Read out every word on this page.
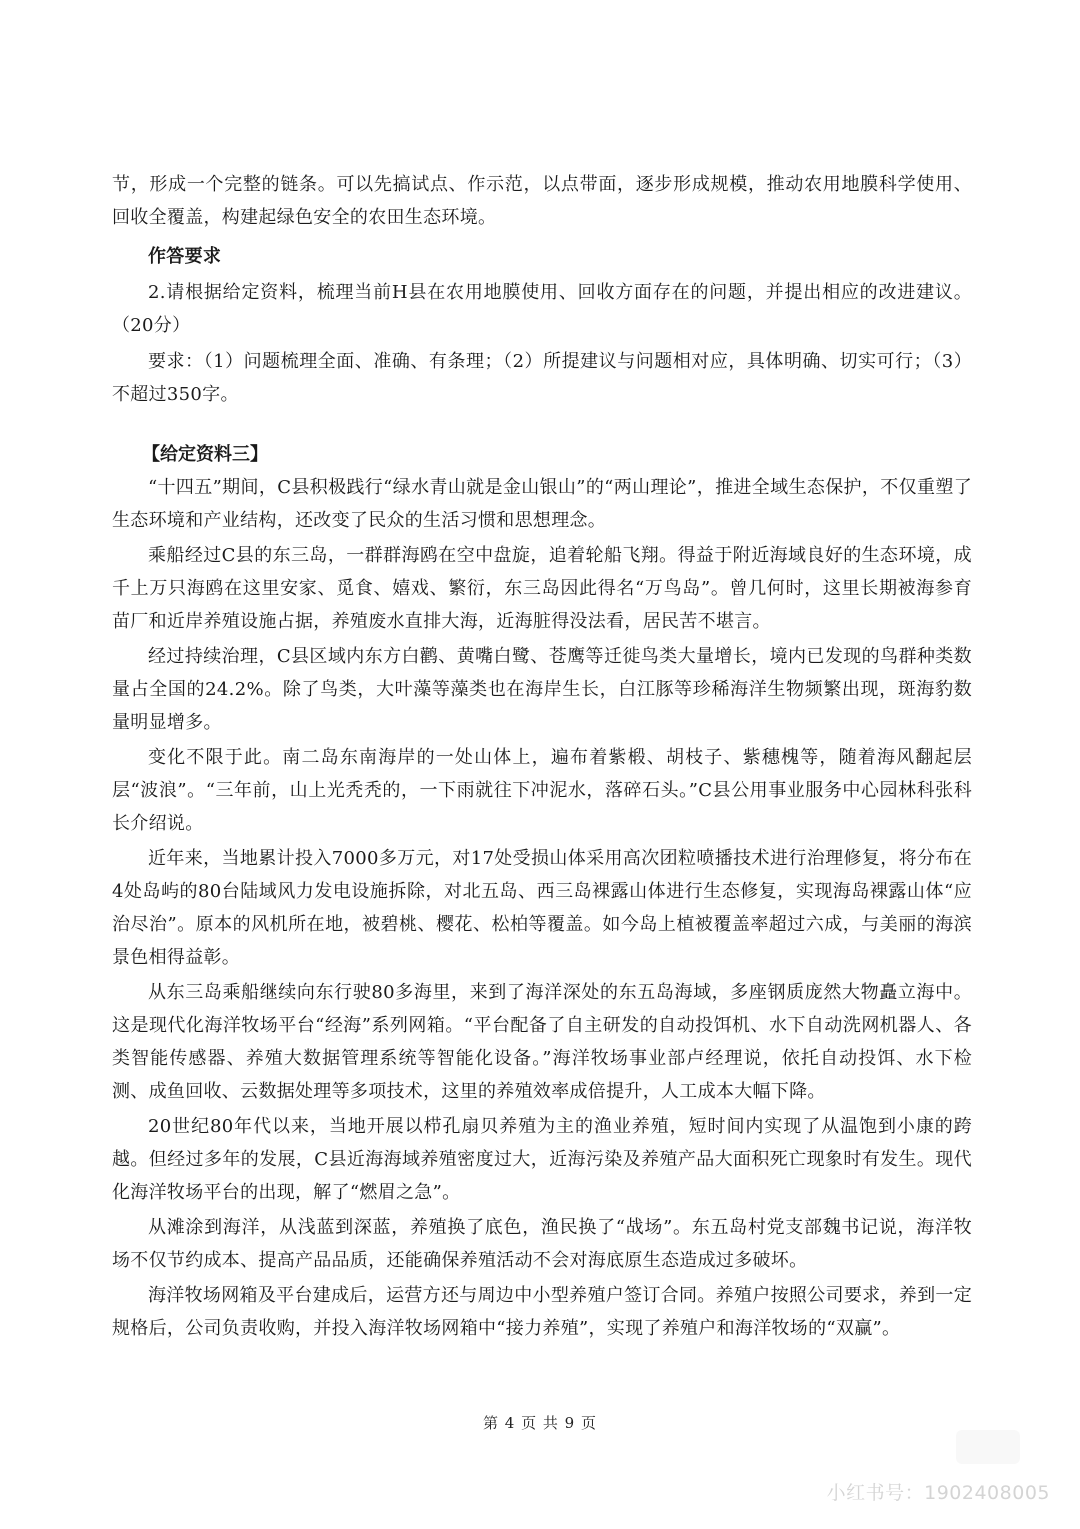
节，形成一个完整的链条。可以先搞试点、作示范，以点带面，逐步形成规模，推动农用地膜科学使用、回收全覆盖，构建起绿色安全的农田生态环境。

作答要求

2.请根据给定资料，梳理当前H县在农用地膜使用、回收方面存在的问题，并提出相应的改进建议。（20分）

要求：（1）问题梳理全面、准确、有条理；（2）所提建议与问题相对应，具体明确、切实可行；（3）不超过350字。

【给定资料三】

“十四五”期间，C县积极践行“绿水青山就是金山银山”的“两山理论”，推进全域生态保护，不仅重塑了生态环境和产业结构，还改变了民众的生活习惯和思想理念。

乘船经过C县的东三岛，一群群海鸥在空中盘旋，追着轮船飞翔。得益于附近海域良好的生态环境，成千上万只海鸥在这里安家、觅食、嬉戏、繁衍，东三岛因此得名“万鸟岛”。曾几何时，这里长期被海参育苗厂和近岸养殖设施占据，养殖废水直排大海，近海脏得没法看，居民苦不堪言。

经过持续治理，C县区域内东方白鹳、黄嘴白鹭、苍鹰等迁徙鸟类大量增长，境内已发现的鸟群种类数量占全国的24.2%。除了鸟类，大叶藻等藻类也在海岸生长，白江豚等珍稀海洋生物频繁出现，斑海豹数量明显增多。

变化不限于此。南二岛东南海岸的一处山体上，遍布着紫椴、胡枝子、紫穗槐等，随着海风翻起层层“波浪”。“三年前，山上光秃秃的，一下雨就往下冲泥水，落碎石头。”C县公用事业服务中心园林科张科长介绍说。

近年来，当地累计投入7000多万元，对17处受损山体采用高次团粒喷播技术进行治理修复，将分布在4处岛屿的80台陆域风力发电设施拆除，对北五岛、西三岛裸露山体进行生态修复，实现海岛裸露山体“应治尽治”。原本的风机所在地，被碧桃、樱花、松柏等覆盖。如今岛上植被覆盖率超过六成，与美丽的海滨景色相得益彰。

从东三岛乘船继续向东行驶80多海里，来到了海洋深处的东五岛海域，多座钢质庞然大物矗立海中。这是现代化海洋牧场平台“经海”系列网箱。“平台配备了自主研发的自动投饵机、水下自动洗网机器人、各类智能传感器、养殖大数据管理系统等智能化设备。”海洋牧场事业部卢经理说，依托自动投饵、水下检测、成鱼回收、云数据处理等多项技术，这里的养殖效率成倍提升，人工成本大幅下降。

20世纪80年代以来，当地开展以栉孔扇贝养殖为主的渔业养殖，短时间内实现了从温饱到小康的跨越。但经过多年的发展，C县近海海域养殖密度过大，近海污染及养殖产品大面积死亡现象时有发生。现代化海洋牧场平台的出现，解了“燃眉之急”。

从滩涂到海洋，从浅蓝到深蓝，养殖换了底色，渔民换了“战场”。东五岛村党支部魏书记说，海洋牧场不仅节约成本、提高产品品质，还能确保养殖活动不会对海底原生态造成过多破坏。

海洋牧场网箱及平台建成后，运营方还与周边中小型养殖户签订合同。养殖户按照公司要求，养到一定规格后，公司负责收购，并投入海洋牧场网箱中“接力养殖”，实现了养殖户和海洋牧场的“双赢”。

第 4 页 共 9 页
小红书号：1902408005
